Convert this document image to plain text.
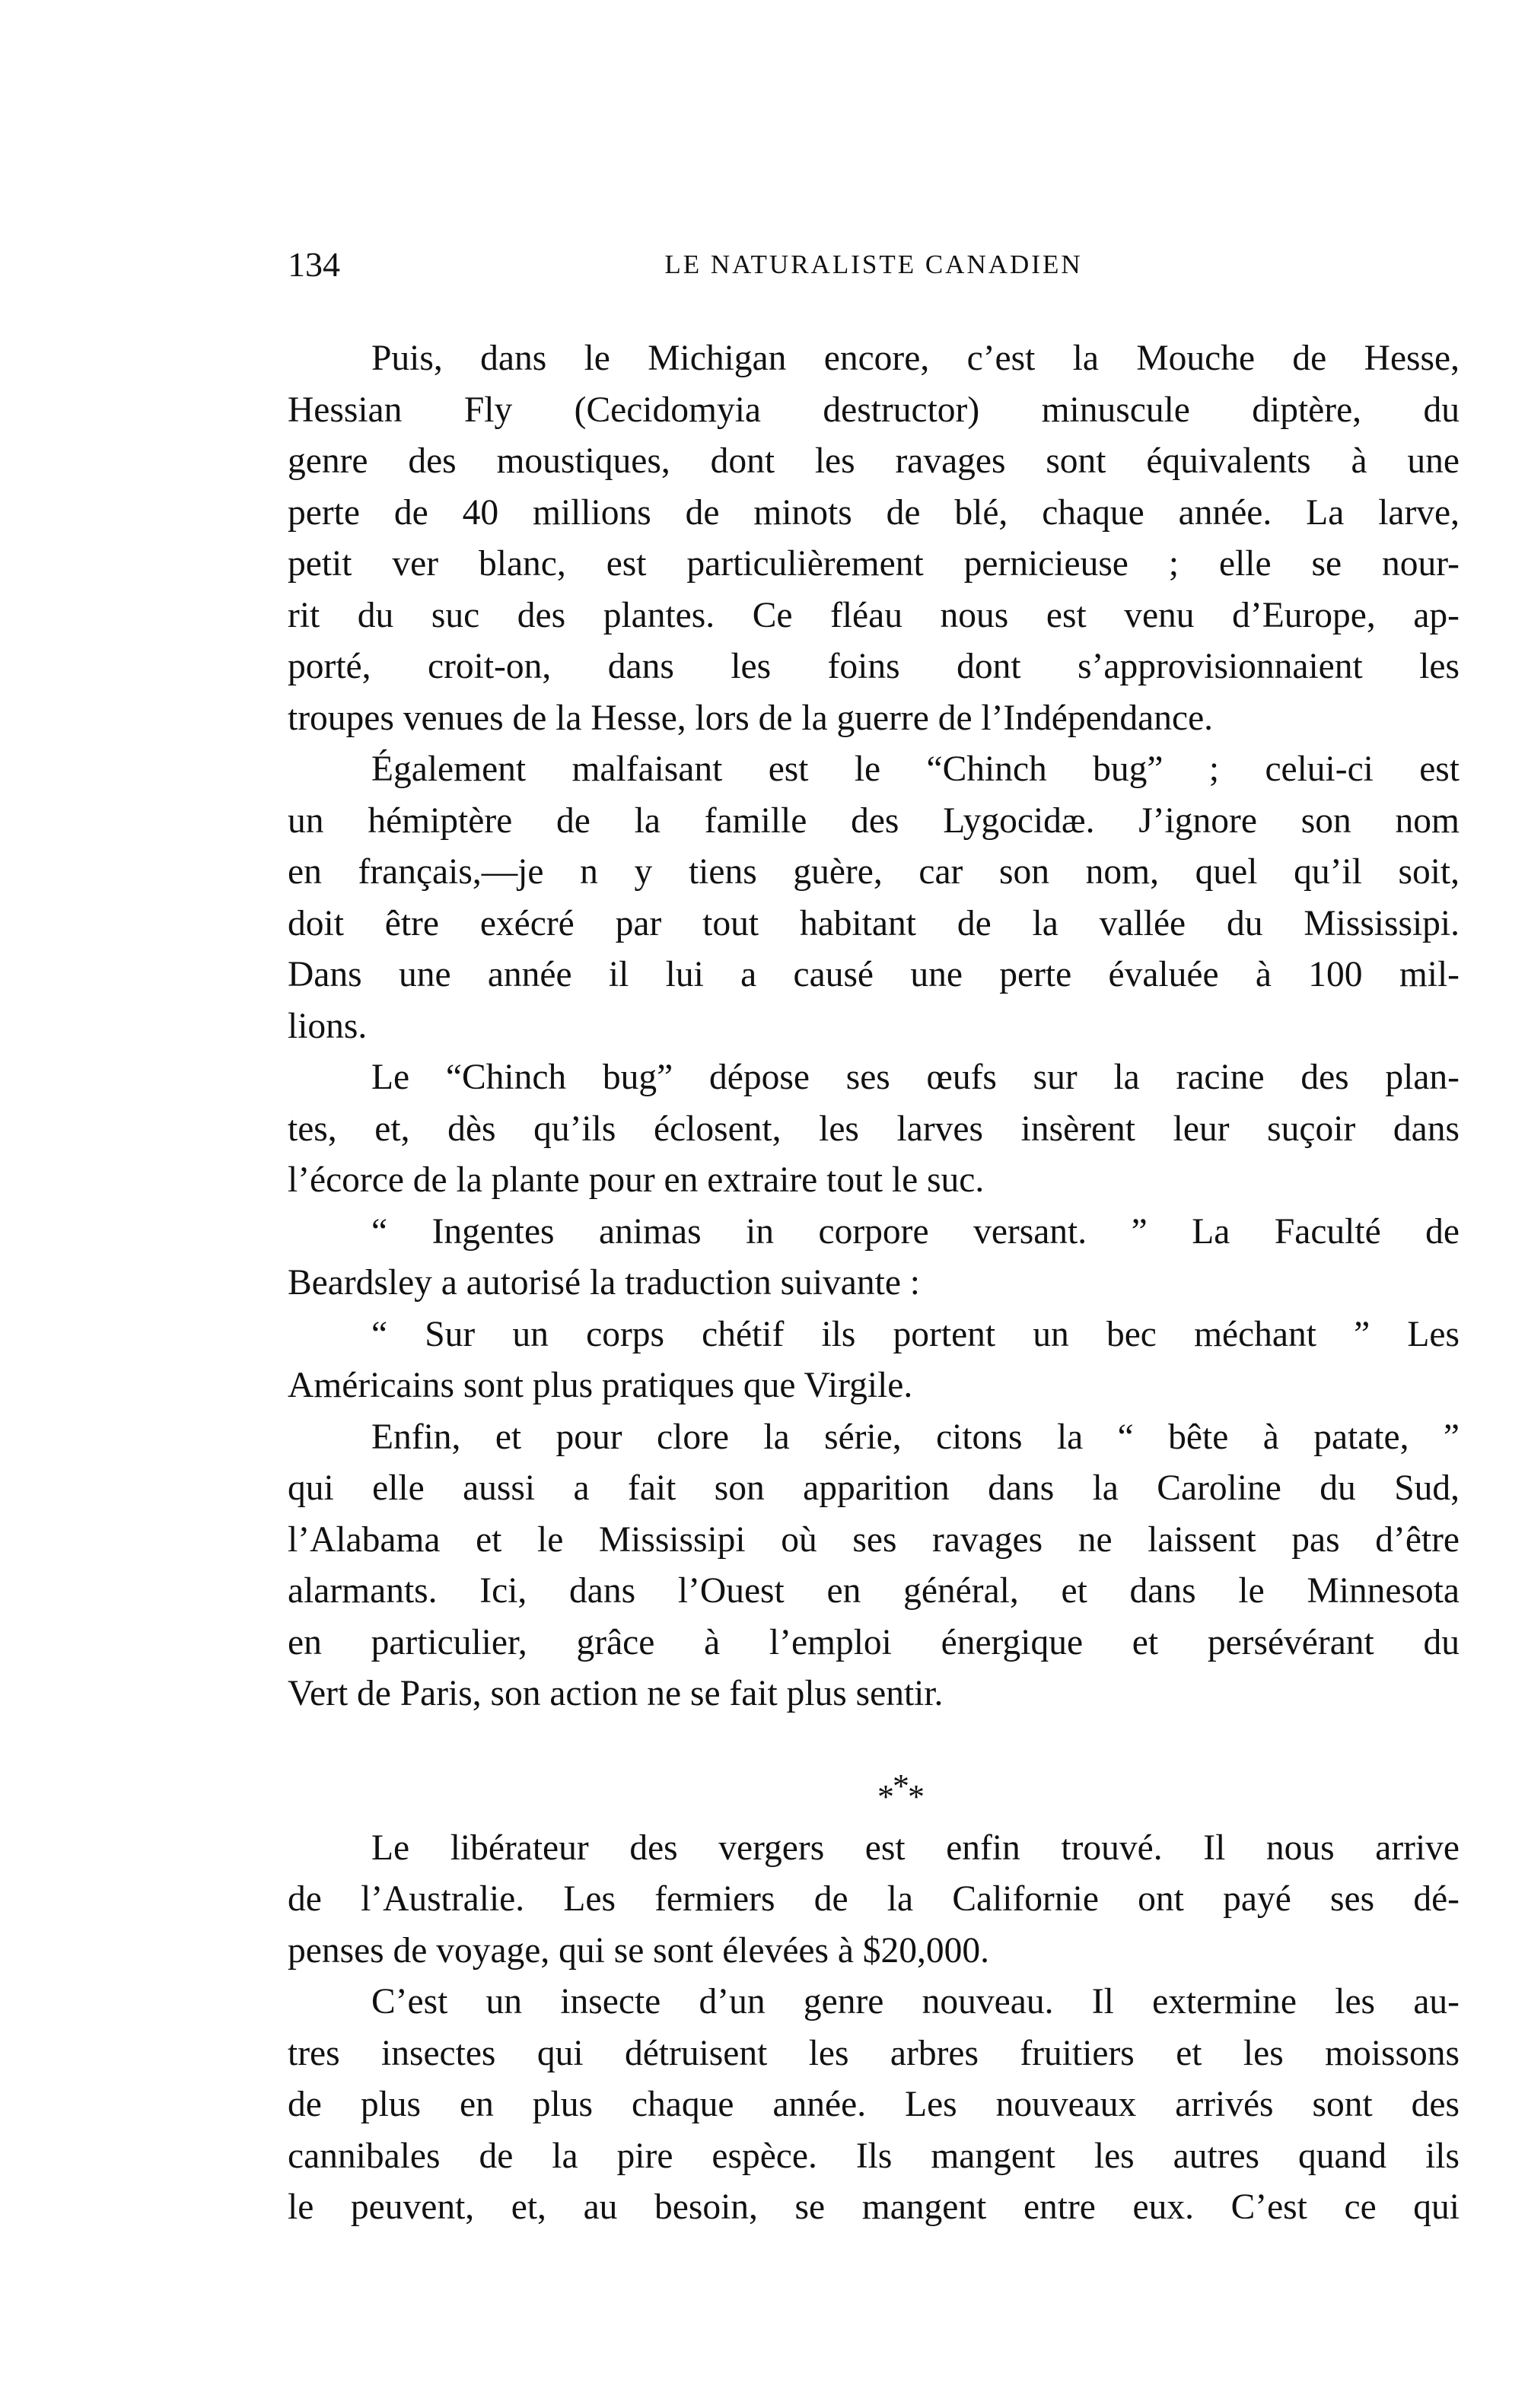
134	LE NATURALISTE CANADIEN
Puis, dans le Michigan encore, c’est la Mouche de Hesse,
Hessian Fly (Cecidomyia destructor) minuscule diptère, du
genre des moustiques, dont les ravages sont équivalents à une
perte de 40 millions de minots de blé, chaque année. La larve,
petit ver blanc, est particulièrement pernicieuse ; elle se nour-
rit du suc des plantes. Ce fléau nous est venu d’Europe, ap-
porté, croit-on, dans les foins dont s’approvisionnaient les
troupes venues de la Hesse, lors de la guerre de l’Indépendance.
Également malfaisant est le “Chinch bug” ; celui-ci est
un hémiptère de la famille des Lygocidæ. J’ignore son nom
en français,—je n y tiens guère, car son nom, quel qu’il soit,
doit être exécré par tout habitant de la vallée du Mississipi.
Dans une année il lui a causé une perte évaluée à 100 mil-
lions.
Le “Chinch bug” dépose ses œufs sur la racine des plan-
tes, et, dès qu’ils éclosent, les larves insèrent leur suçoir dans
l’écorce de la plante pour en extraire tout le suc.
“ Ingentes animas in corpore versant. ” La Faculté de
Beardsley a autorisé la traduction suivante :
“ Sur un corps chétif ils portent un bec méchant ” Les
Américains sont plus pratiques que Virgile.
Enfin, et pour clore la série, citons la “ bête à patate, ”
qui elle aussi a fait son apparition dans la Caroline du Sud,
l’Alabama et le Mississipi où ses ravages ne laissent pas d’être
alarmants. Ici, dans l’Ouest en général, et dans le Minnesota
en particulier, grâce à l’emploi énergique et persévérant du
Vert de Paris, son action ne se fait plus sentir.
***
Le libérateur des vergers est enfin trouvé. Il nous arrive
de l’Australie. Les fermiers de la Californie ont payé ses dé-
penses de voyage, qui se sont élevées à $20,000.
C’est un insecte d’un genre nouveau. Il extermine les au-
tres insectes qui détruisent les arbres fruitiers et les moissons
de plus en plus chaque année. Les nouveaux arrivés sont des
cannibales de la pire espèce. Ils mangent les autres quand ils
le peuvent, et, au besoin, se mangent entre eux. C’est ce qui
